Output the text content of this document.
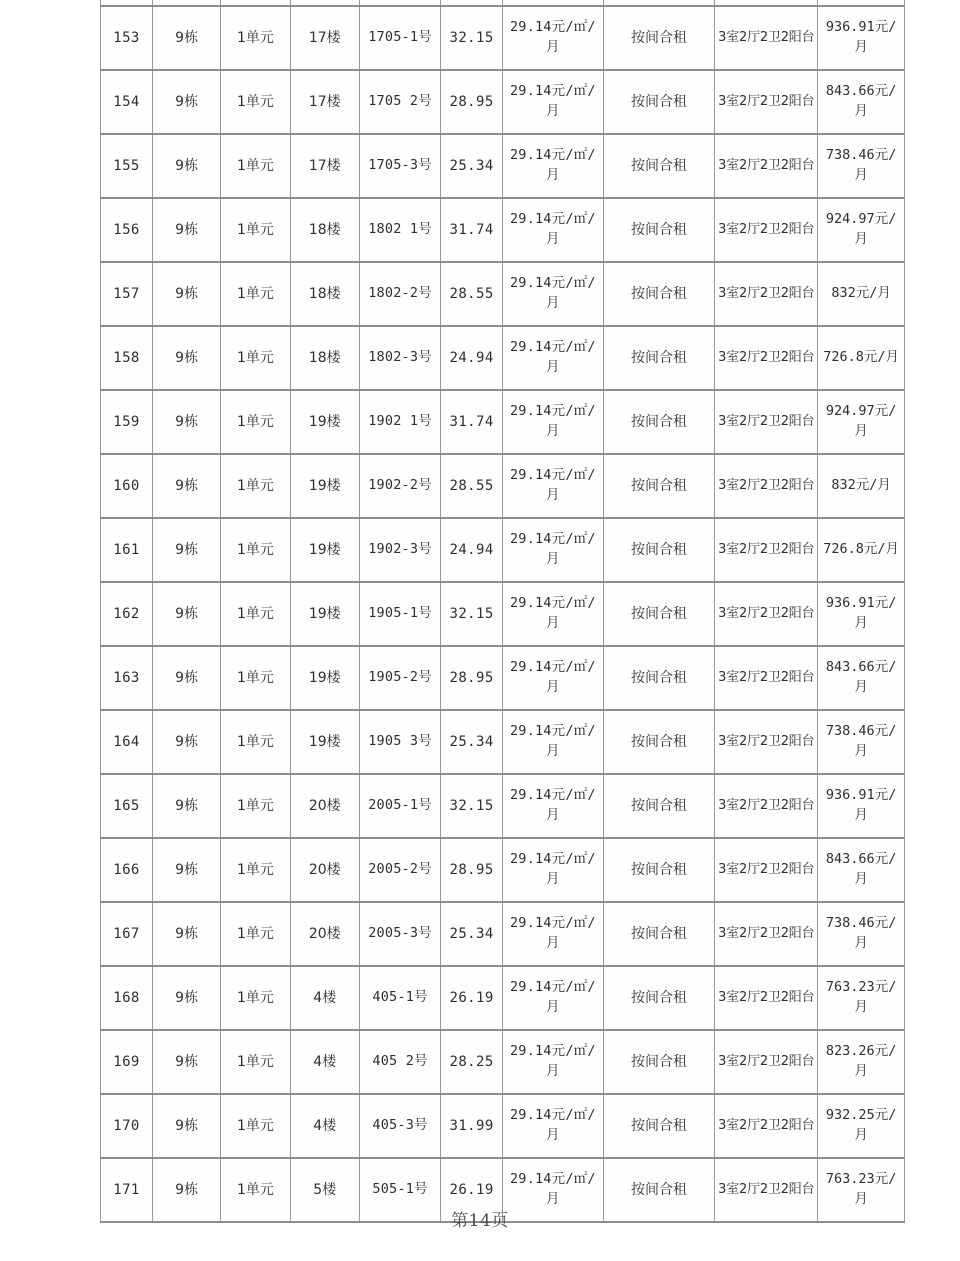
153	9栋	1单元	17楼	1705-1号	32.15	29.14元/㎡/月	按间合租	3室2厅2卫2阳台	936.91元/月
154	9栋	1单元	17楼	1705 2号	28.95	29.14元/㎡/月	按间合租	3室2厅2卫2阳台	843.66元/月
155	9栋	1单元	17楼	1705-3号	25.34	29.14元/㎡/月	按间合租	3室2厅2卫2阳台	738.46元/月
156	9栋	1单元	18楼	1802 1号	31.74	29.14元/㎡/月	按间合租	3室2厅2卫2阳台	924.97元/月
157	9栋	1单元	18楼	1802-2号	28.55	29.14元/㎡/月	按间合租	3室2厅2卫2阳台	832元/月
158	9栋	1单元	18楼	1802-3号	24.94	29.14元/㎡/月	按间合租	3室2厅2卫2阳台	726.8元/月
159	9栋	1单元	19楼	1902 1号	31.74	29.14元/㎡/月	按间合租	3室2厅2卫2阳台	924.97元/月
160	9栋	1单元	19楼	1902-2号	28.55	29.14元/㎡/月	按间合租	3室2厅2卫2阳台	832元/月
161	9栋	1单元	19楼	1902-3号	24.94	29.14元/㎡/月	按间合租	3室2厅2卫2阳台	726.8元/月
162	9栋	1单元	19楼	1905-1号	32.15	29.14元/㎡/月	按间合租	3室2厅2卫2阳台	936.91元/月
163	9栋	1单元	19楼	1905-2号	28.95	29.14元/㎡/月	按间合租	3室2厅2卫2阳台	843.66元/月
164	9栋	1单元	19楼	1905 3号	25.34	29.14元/㎡/月	按间合租	3室2厅2卫2阳台	738.46元/月
165	9栋	1单元	20楼	2005-1号	32.15	29.14元/㎡/月	按间合租	3室2厅2卫2阳台	936.91元/月
166	9栋	1单元	20楼	2005-2号	28.95	29.14元/㎡/月	按间合租	3室2厅2卫2阳台	843.66元/月
167	9栋	1单元	20楼	2005-3号	25.34	29.14元/㎡/月	按间合租	3室2厅2卫2阳台	738.46元/月
168	9栋	1单元	4楼	405-1号	26.19	29.14元/㎡/月	按间合租	3室2厅2卫2阳台	763.23元/月
169	9栋	1单元	4楼	405 2号	28.25	29.14元/㎡/月	按间合租	3室2厅2卫2阳台	823.26元/月
170	9栋	1单元	4楼	405-3号	31.99	29.14元/㎡/月	按间合租	3室2厅2卫2阳台	932.25元/月
171	9栋	1单元	5楼	505-1号	26.19	29.14元/㎡/月	按间合租	3室2厅2卫2阳台	763.23元/月
第14页
